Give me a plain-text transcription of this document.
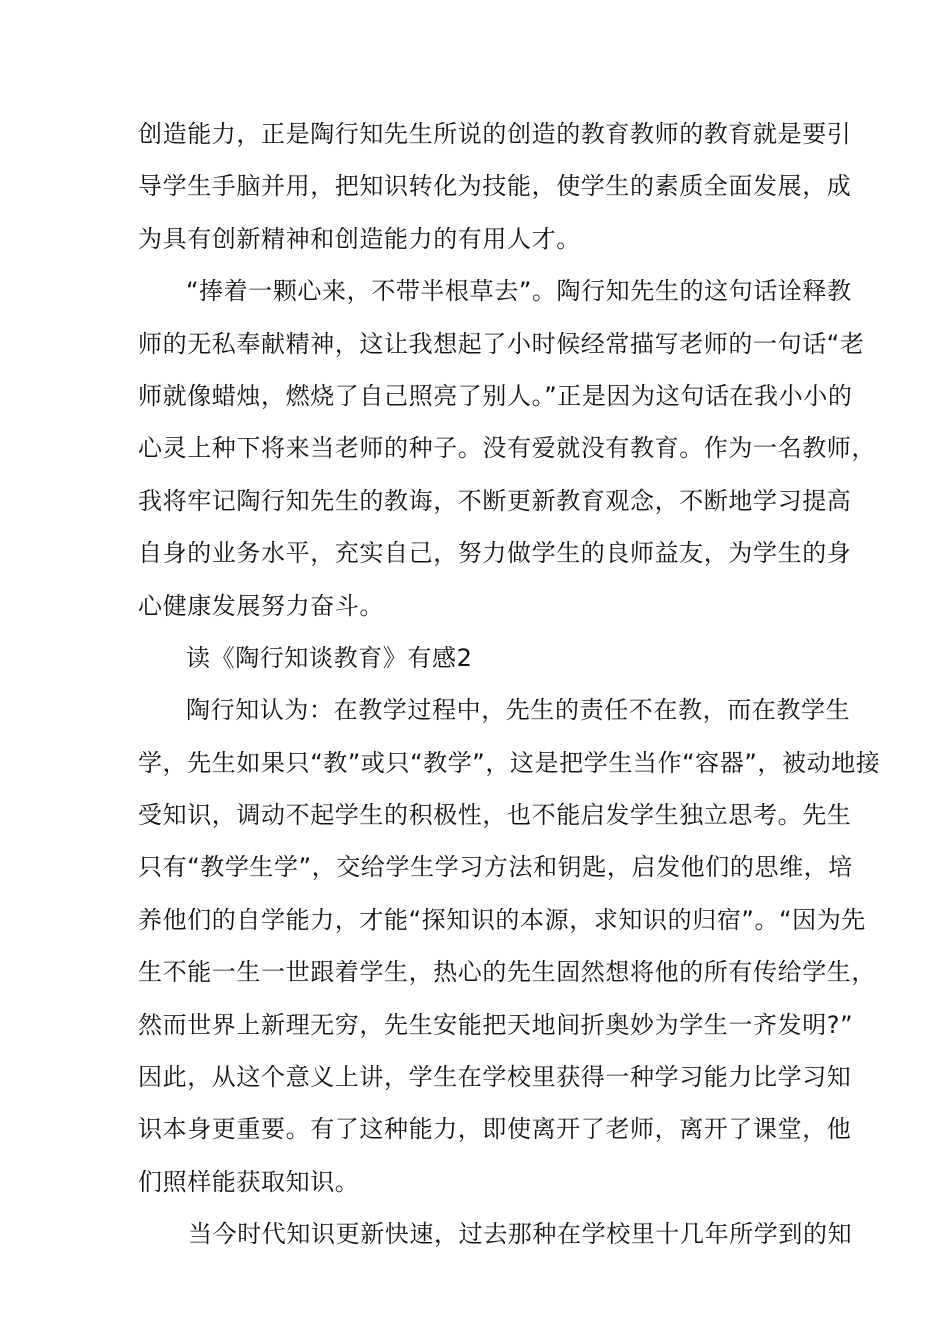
创造能力，正是陶行知先生所说的创造的教育教师的教育就是要引
导学生手脑并用，把知识转化为技能，使学生的素质全面发展，成
为具有创新精神和创造能力的有用人才。
“捧着一颗心来，不带半根草去”。陶行知先生的这句话诠释教
师的无私奉献精神，这让我想起了小时候经常描写老师的一句话“老
师就像蜡烛，燃烧了自己照亮了别人。”正是因为这句话在我小小的
心灵上种下将来当老师的种子。没有爱就没有教育。作为一名教师，
我将牢记陶行知先生的教诲，不断更新教育观念，不断地学习提高
自身的业务水平，充实自己，努力做学生的良师益友，为学生的身
心健康发展努力奋斗。
读《陶行知谈教育》有感2
陶行知认为：在教学过程中，先生的责任不在教，而在教学生
学，先生如果只“教”或只“教学”，这是把学生当作“容器”，被动地接
受知识，调动不起学生的积极性，也不能启发学生独立思考。先生
只有“教学生学”，交给学生学习方法和钥匙，启发他们的思维，培
养他们的自学能力，才能“探知识的本源，求知识的归宿”。“因为先
生不能一生一世跟着学生，热心的先生固然想将他的所有传给学生，
然而世界上新理无穷，先生安能把天地间折奥妙为学生一齐发明?”
因此，从这个意义上讲，学生在学校里获得一种学习能力比学习知
识本身更重要。有了这种能力，即使离开了老师，离开了课堂，他
们照样能获取知识。
当今时代知识更新快速，过去那种在学校里十几年所学到的知
